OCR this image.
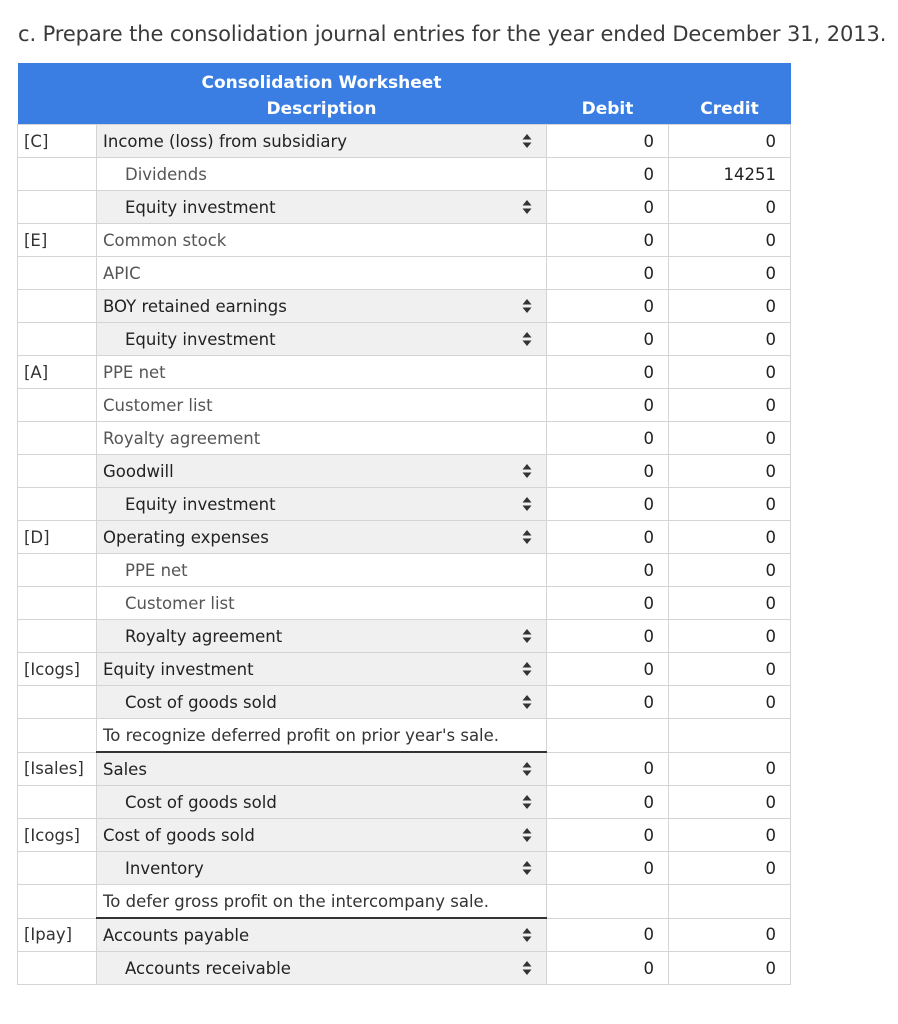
c. Prepare the consolidation journal entries for the year ended December 31, 2013.
	Consolidation Worksheet		
	Description	Debit	Credit
[C]	Income (loss) from subsidiary	0	0

	Dividends	0	14251

	Equity investment	0	0
[E]	Common stock	0	0

	APIC	0	0

	BOY retained earnings	0	0

	Equity investment	0	0
[A]	PPE net	0	0

	Customer list	0	0

	Royalty agreement	0	0

	Goodwill	0	0

	Equity investment	0	0
[D]	Operating expenses	0	0

	PPE net	0	0

	Customer list	0	0

	Royalty agreement	0	0
[Icogs]	Equity investment	0	0

	Cost of goods sold	0	0

	To recognize deferred profit on prior year's sale.		

[Isales]	Sales	0	0

	Cost of goods sold	0	0
[Icogs]	Cost of goods sold	0	0

	Inventory	0	0

	To defer gross profit on the intercompany sale.		

[Ipay]	Accounts payable	0	0

	Accounts receivable	0	0
